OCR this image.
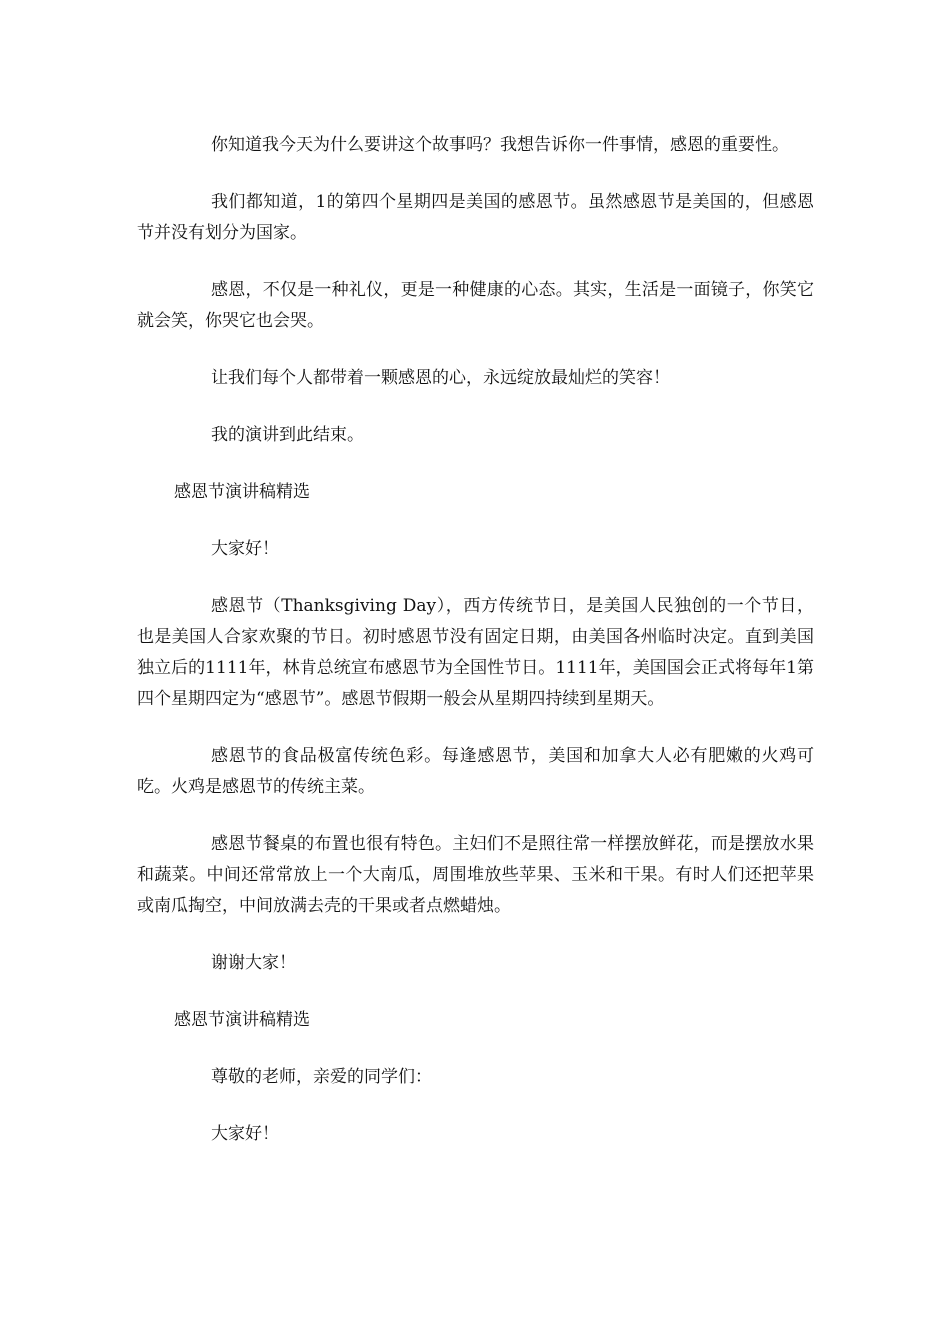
你知道我今天为什么要讲这个故事吗？我想告诉你一件事情，感恩的重要性。

我们都知道，1的第四个星期四是美国的感恩节。虽然感恩节是美国的，但感恩节并没有划分为国家。

感恩，不仅是一种礼仪，更是一种健康的心态。其实，生活是一面镜子，你笑它就会笑，你哭它也会哭。

让我们每个人都带着一颗感恩的心，永远绽放最灿烂的笑容！

我的演讲到此结束。

感恩节演讲稿精选

大家好！

感恩节（Thanksgiving Day），西方传统节日，是美国人民独创的一个节日，也是美国人合家欢聚的节日。初时感恩节没有固定日期，由美国各州临时决定。直到美国独立后的1111年，林肯总统宣布感恩节为全国性节日。1111年，美国国会正式将每年1第四个星期四定为“感恩节”。感恩节假期一般会从星期四持续到星期天。

感恩节的食品极富传统色彩。每逢感恩节，美国和加拿大人必有肥嫩的火鸡可吃。火鸡是感恩节的传统主菜。

感恩节餐桌的布置也很有特色。主妇们不是照往常一样摆放鲜花，而是摆放水果和蔬菜。中间还常常放上一个大南瓜，周围堆放些苹果、玉米和干果。有时人们还把苹果或南瓜掏空，中间放满去壳的干果或者点燃蜡烛。

谢谢大家！

感恩节演讲稿精选

尊敬的老师，亲爱的同学们：

大家好！
